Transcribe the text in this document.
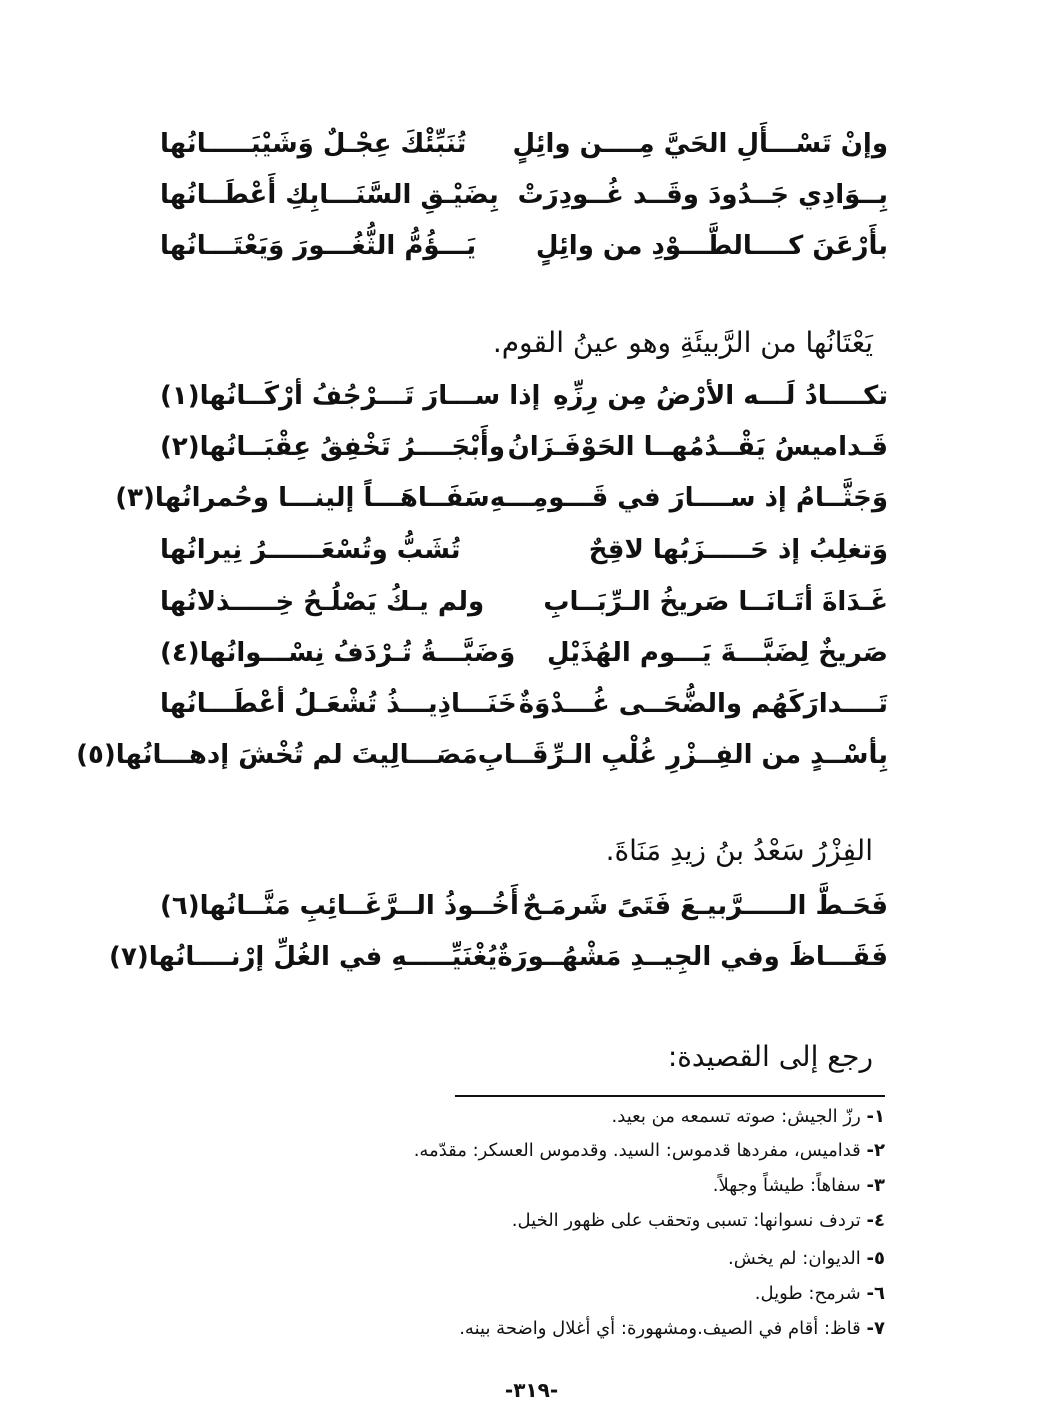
وإنْ تَسْـــأَلِ الحَيَّ مِــــن وائِلٍ
تُنَبِّئْكَ عِجْـلٌ وَشَيْبَـــــانُها
بِــوَادِي جَــدُودَ وقَــد غُــودِرَتْ
بِضَيْـقِ السَّنَـــابِكِ أَعْطَــانُها
بأَرْعَنَ كــــالطَّـــوْدِ من وائِلٍ
يَـــؤُمُّ الثُّغُـــورَ وَيَعْتَـــانُها
يَعْتَانُها من الرَّبيئَةِ وهو عينُ القوم.
تكــــادُ لَـــه الأرْضُ مِن رِزِّهِ
إذا ســـارَ تَـــرْجُفُ أرْكَــانُها(١)
قَـداميسُ يَقْــدُمُهــا الحَوْفَـزَانُ
وأَبْجَــــرُ تَخْفِقُ عِقْبَــانُها(٢)
وَجَثَّــامُ إذ ســــارَ في قَـــومِـــهِ
سَفَــاهَـــاً إلينـــا وحُمرانُها(٣)
وَتغلِبُ إذ حَـــــزَبُها لاقِحٌ
تُشَبُّ وتُسْعَــــــرُ نِيرانُها
غَـدَاةَ أتَـانَــا صَريخُ الـرِّبَــابِ
ولم يـكُ يَصْلُـحُ خِـــــذلانُها
صَريخٌ لِضَبَّـــةَ يَـــوم الهُذَيْلِ
وَضَبَّـــةُ تُـرْدَفُ نِسْـــوانُها(٤)
تَــــدارَكَهُم والضُّحَــى غُـــدْوَةٌ
خَنَـــاذِيـــذُ تُشْعَـلُ أعْطَـــانُها
بِأسْــدٍ من الفِــزْرِ غُلْبِ الـرِّقَــابِ
مَصَـــالِيتَ لم تُخْشَ إدهـــانُها(٥)
الفِزْرُ سَعْدُ بنُ زيدِ مَنَاةَ.
فَحَـطَّ الـــــرَّبيـعَ فَتَىً شَرمَـحٌ
أَخُــوذُ الــرَّغَــائِبِ مَنَّــانُها(٦)
فَقَـــاظَ وفي الجِيــدِ مَشْهُــورَةٌ
يُغْنَيِّـــــهِ في الغُلِّ إرْنــــانُها(٧)
رجع إلى القصيدة:
١- رزّ الجيش: صوته تسمعه من بعيد.
٢- قداميس، مفردها قدموس: السيد. وقدموس العسكر: مقدّمه.
٣- سفاهاً: طيشاً وجهلاً.
٤- تردف نسوانها: تسبى وتحقب على ظهور الخيل.
٥- الديوان: لم يخش.
٦- شرمح: طويل.
٧- قاظ: أقام في الصيف.ومشهورة: أي أغلال واضحة بينه.
-٣١٩-
